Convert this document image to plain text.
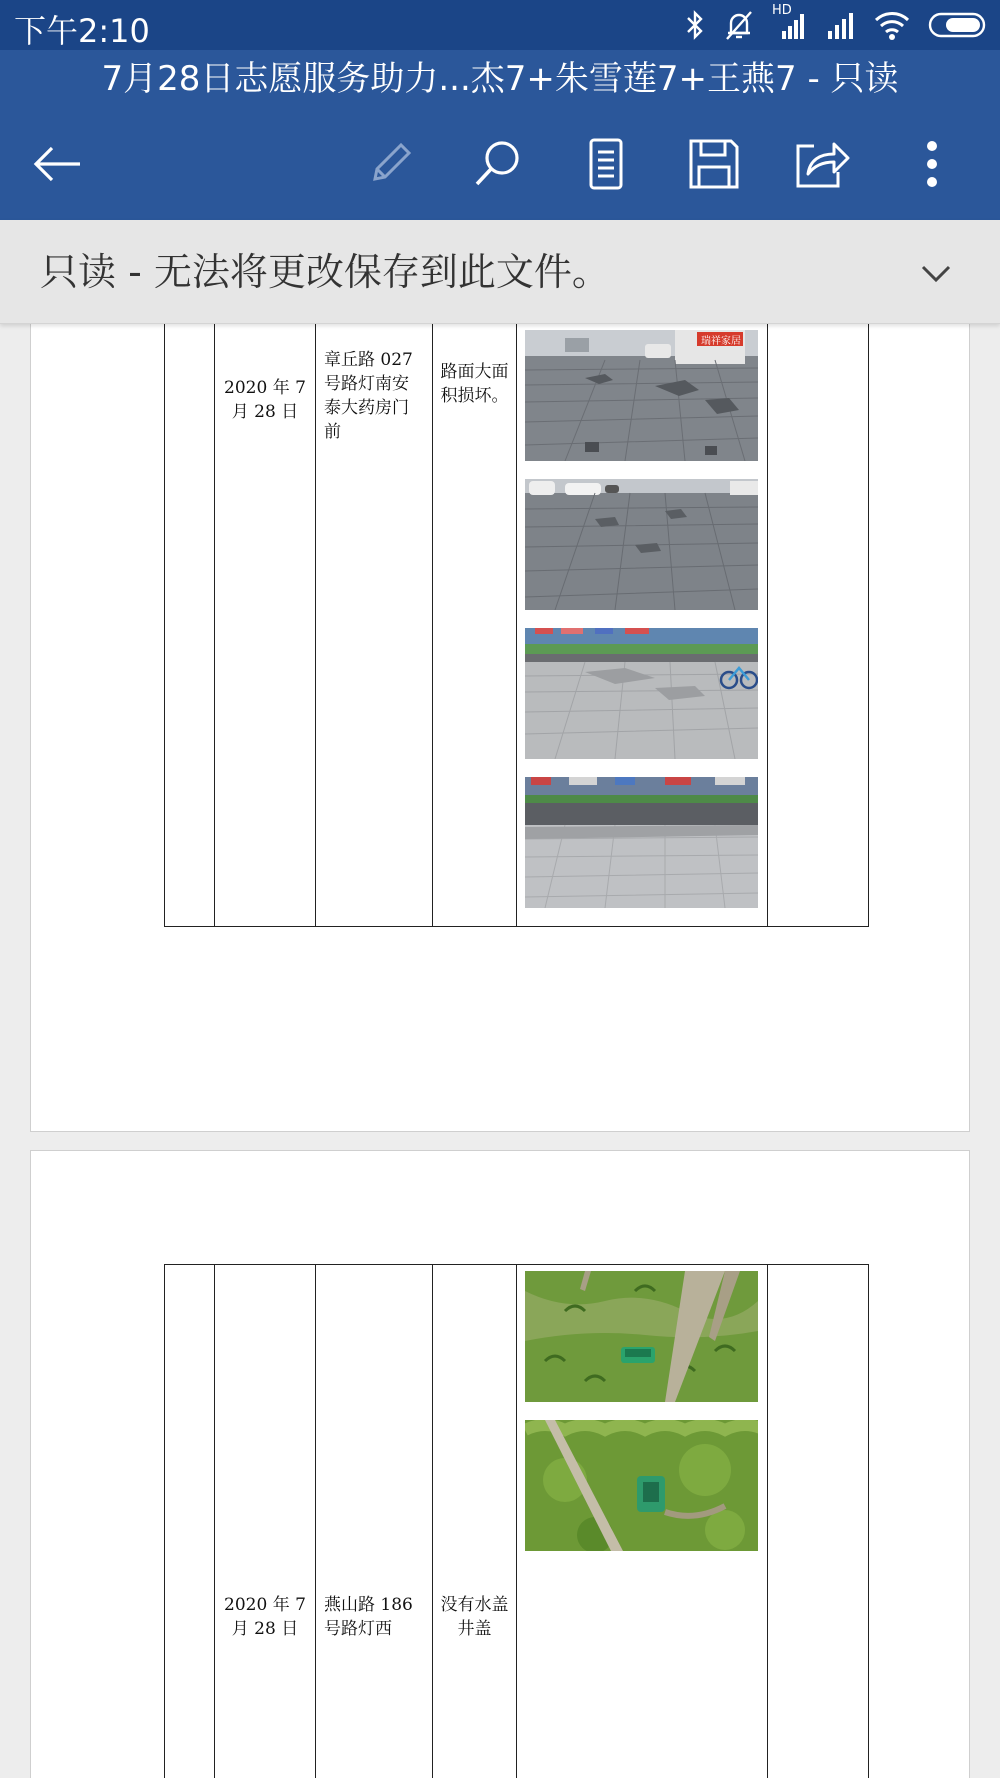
下午2:10
HD
7月28日志愿服务助力...杰7+朱雪莲7+王燕7 - 只读
只读 - 无法将更改保存到此文件。
	2020 年 7 月 28 日	章丘路 027 号路灯南安泰大药房门前	路面大面积损坏。	
瑞祥家居

	2020 年 7 月 28 日	燕山路 186 号路灯西	没有水盖井盖	
